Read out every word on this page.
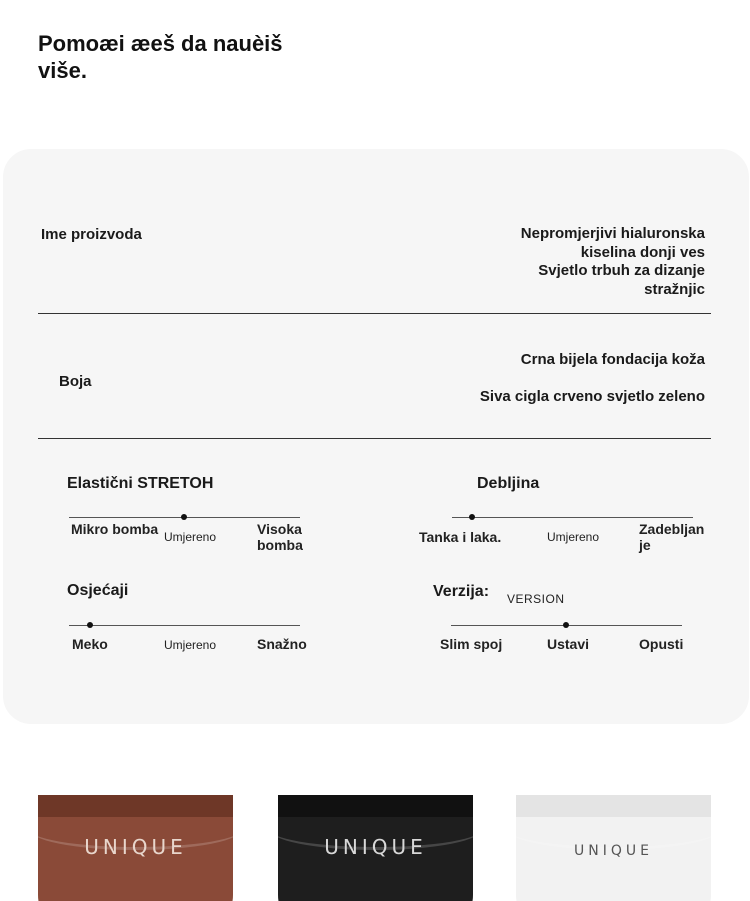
Pomoæi æeš da nauèiš
više.
Ime proizvoda	Nepromjerjivi hialuronska
kiselina donji ves
Svjetlo trbuh za dizanje
stražnjic
Boja
Crna bijela fondacija koža
Siva cigla crveno svjetlo zeleno
Elastični STRETOH
Mikro bomba Umjereno	Visoka bomba
Debljina
Tanka i laka.	Umjereno	Zadebljan je
Osjećaji
Meko	Umjereno	Snažno
Verzija: VERSION
Slim spoj	Ustavi	Opusti
UNIQUE	UNIQUE	UNIQUE
